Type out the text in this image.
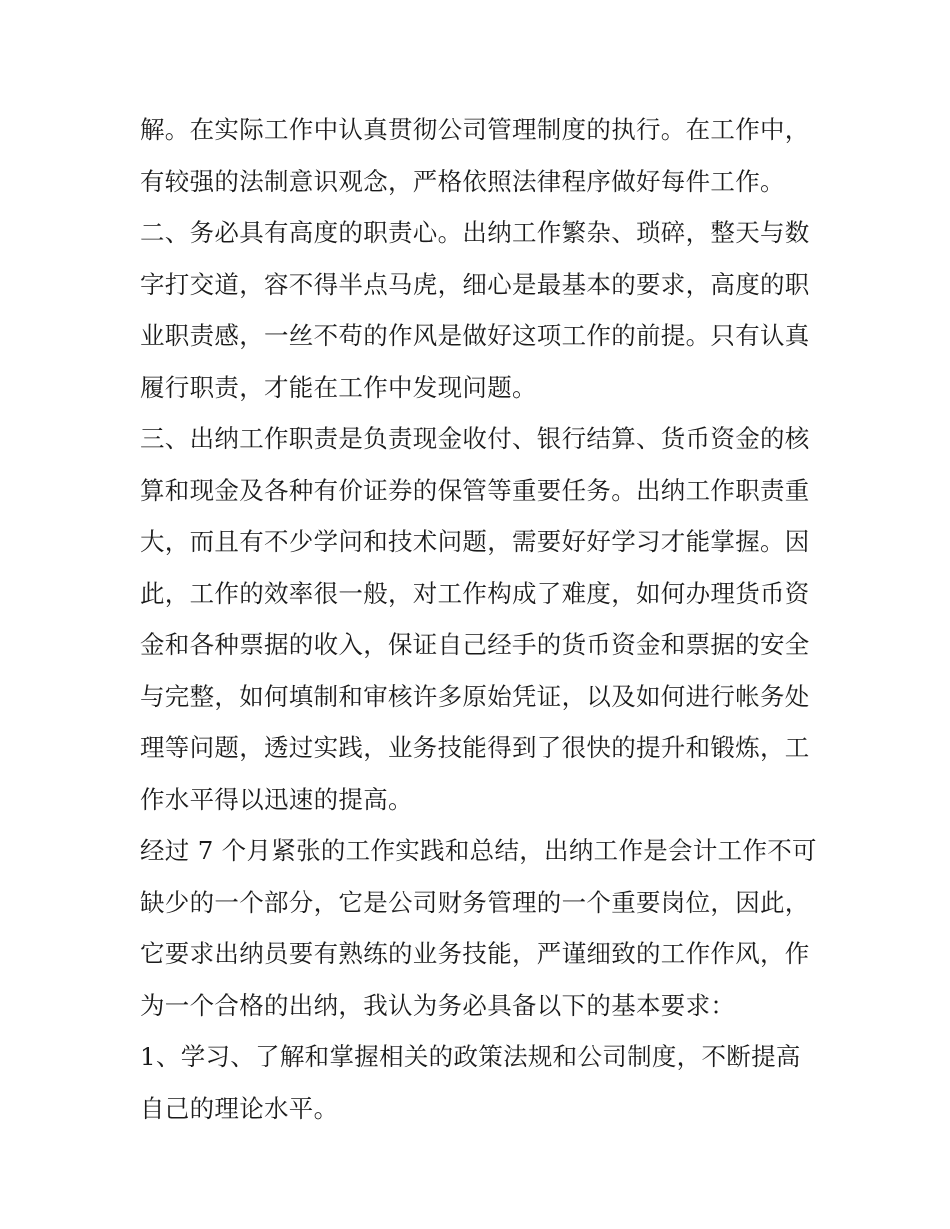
解。在实际工作中认真贯彻公司管理制度的执行。在工作中，
有较强的法制意识观念，严格依照法律程序做好每件工作。
二、务必具有高度的职责心。出纳工作繁杂、琐碎，整天与数
字打交道，容不得半点马虎，细心是最基本的要求，高度的职
业职责感，一丝不苟的作风是做好这项工作的前提。只有认真
履行职责，才能在工作中发现问题。
三、出纳工作职责是负责现金收付、银行结算、货币资金的核
算和现金及各种有价证券的保管等重要任务。出纳工作职责重
大，而且有不少学问和技术问题，需要好好学习才能掌握。因
此，工作的效率很一般，对工作构成了难度，如何办理货币资
金和各种票据的收入，保证自己经手的货币资金和票据的安全
与完整，如何填制和审核许多原始凭证，以及如何进行帐务处
理等问题，透过实践，业务技能得到了很快的提升和锻炼，工
作水平得以迅速的提高。
经过 7 个月紧张的工作实践和总结，出纳工作是会计工作不可
缺少的一个部分，它是公司财务管理的一个重要岗位，因此，
它要求出纳员要有熟练的业务技能，严谨细致的工作作风，作
为一个合格的出纳，我认为务必具备以下的基本要求：
1、学习、了解和掌握相关的政策法规和公司制度，不断提高
自己的理论水平。
